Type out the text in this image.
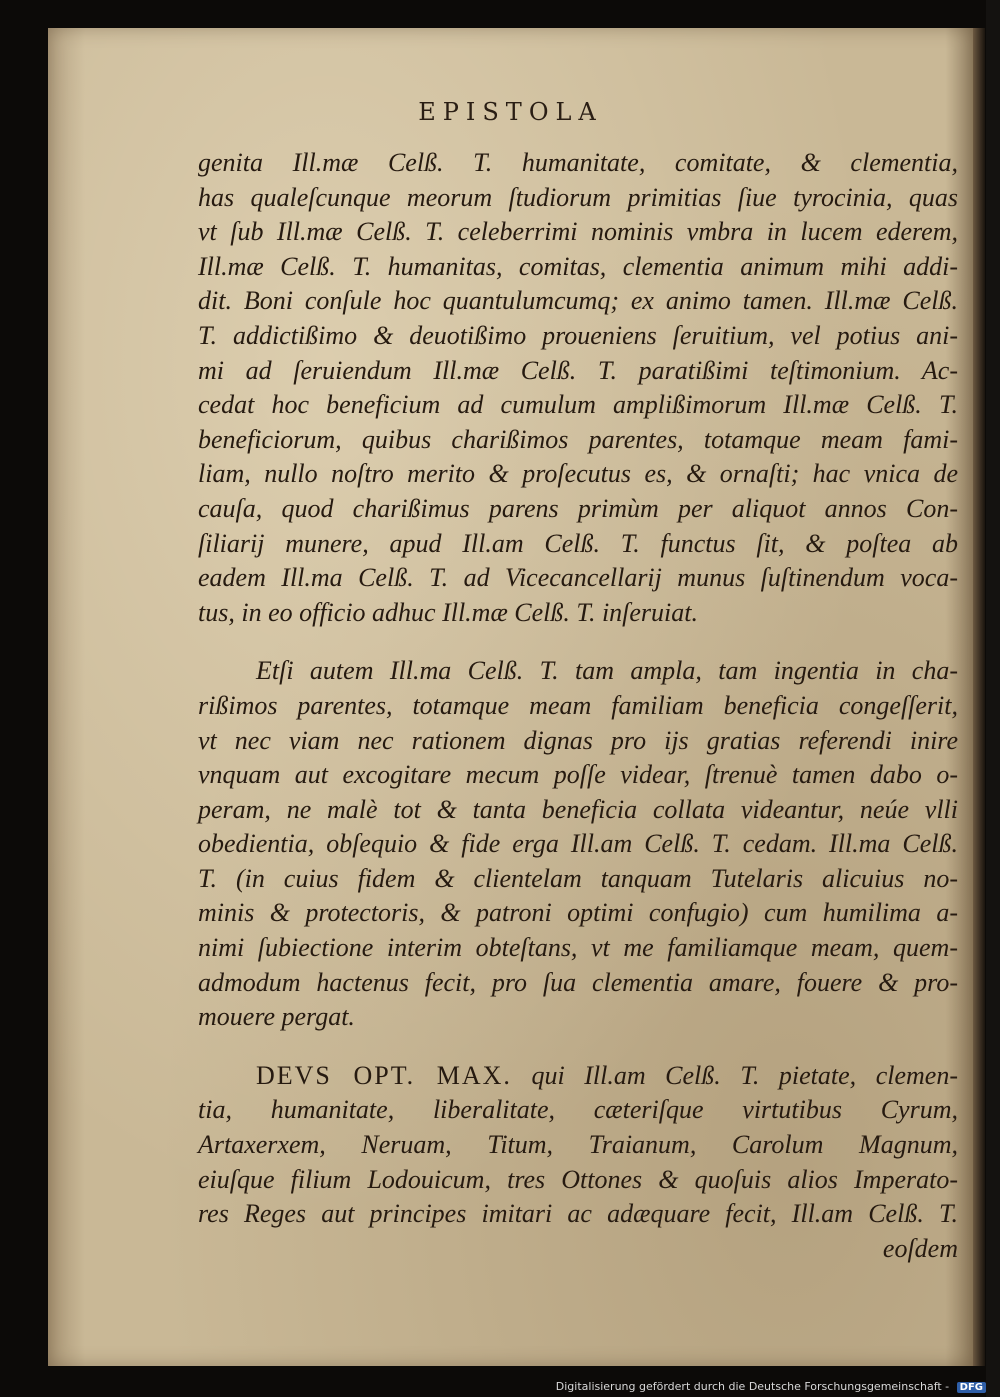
EPISTOLA
genita Ill.mæ Celß. T. humanitate, comitate, & clementia,
has qualeſcunque meorum ſtudiorum primitias ſiue tyrocinia, quas
vt ſub Ill.mæ Celß. T. celeberrimi nominis vmbra in lucem ederem,
Ill.mæ Celß. T. humanitas, comitas, clementia animum mihi addi-
dit. Boni conſule hoc quantulumcumq; ex animo tamen. Ill.mæ Celß.
T. addictißimo & deuotißimo proueniens ſeruitium, vel potius ani-
mi ad ſeruiendum Ill.mæ Celß. T. paratißimi teſtimonium. Ac-
cedat hoc beneficium ad cumulum amplißimorum Ill.mæ Celß. T.
beneficiorum, quibus charißimos parentes, totamque meam fami-
liam, nullo noſtro merito & proſecutus es, & ornaſti; hac vnica de
cauſa, quod charißimus parens primùm per aliquot annos Con-
ſiliarij munere, apud Ill.am Celß. T. functus ſit, & poſtea ab
eadem Ill.ma Celß. T. ad Vicecancellarij munus ſuſtinendum voca-
tus, in eo officio adhuc Ill.mæ Celß. T. inſeruiat.
Etſi autem Ill.ma Celß. T. tam ampla, tam ingentia in cha-
rißimos parentes, totamque meam familiam beneficia congeſſerit,
vt nec viam nec rationem dignas pro ijs gratias referendi inire
vnquam aut excogitare mecum poſſe videar, ſtrenuè tamen dabo o-
peram, ne malè tot & tanta beneficia collata videantur, neúe vlli
obedientia, obſequio & fide erga Ill.am Celß. T. cedam. Ill.ma Celß.
T. (in cuius fidem & clientelam tanquam Tutelaris alicuius no-
minis & protectoris, & patroni optimi confugio) cum humilima a-
nimi ſubiectione interim obteſtans, vt me familiamque meam, quem-
admodum hactenus fecit, pro ſua clementia amare, fouere & pro-
mouere pergat.
DEVS OPT. MAX. qui Ill.am Celß. T. pietate, clemen-
tia, humanitate, liberalitate, cæteriſque virtutibus Cyrum,
Artaxerxem, Neruam, Titum, Traianum, Carolum Magnum,
eiuſque filium Lodouicum, tres Ottones & quoſuis alios Imperato-
res Reges aut principes imitari ac adæquare fecit, Ill.am Celß. T.
eoſdem
Digitalisierung gefördert durch die Deutsche Forschungsgemeinschaft - DFG
